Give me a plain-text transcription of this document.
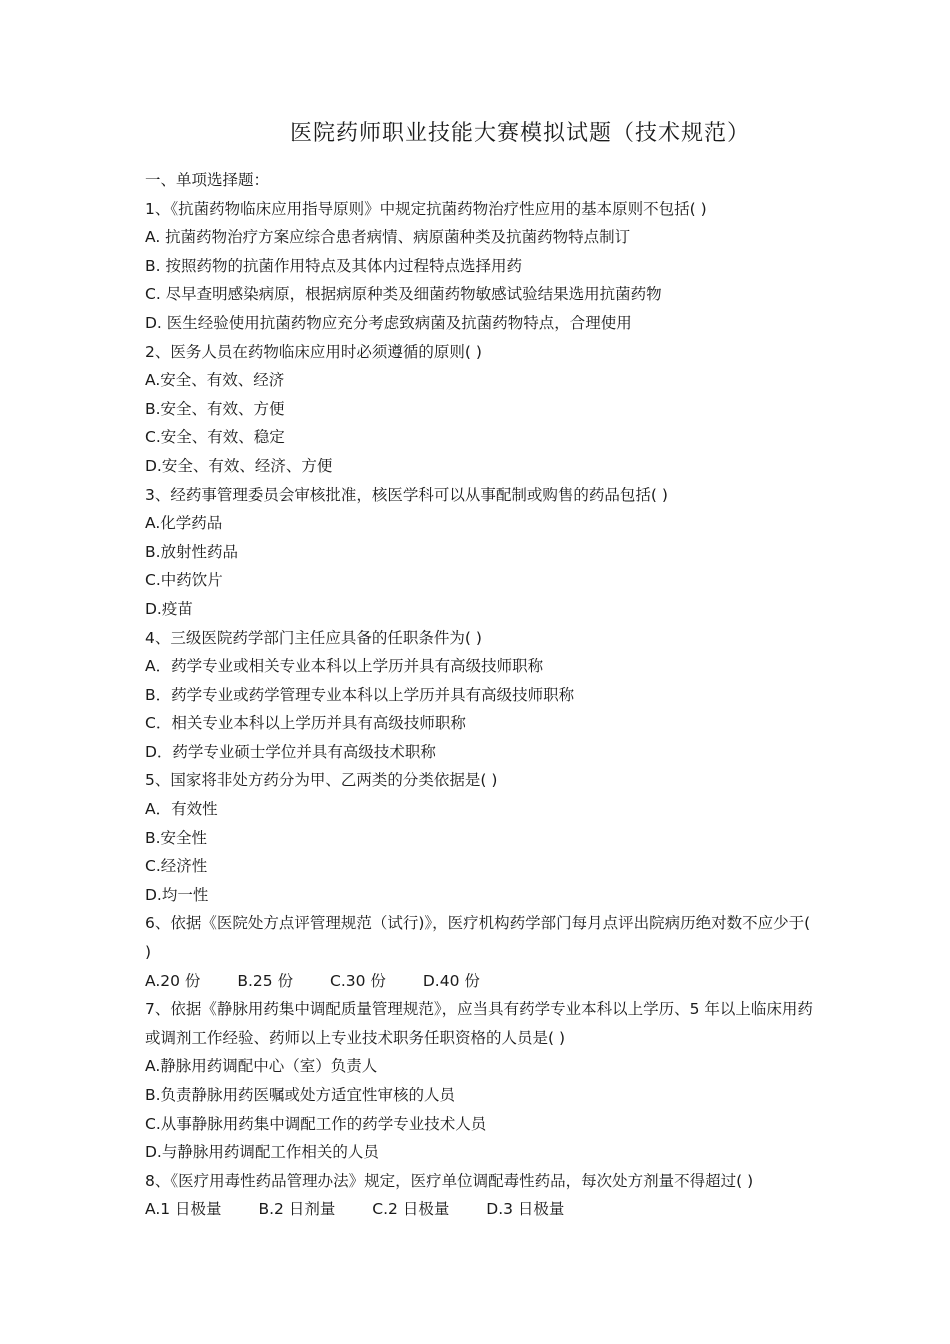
医院药师职业技能大赛模拟试题（技术规范）
一、单项选择题：
1、《抗菌药物临床应用指导原则》中规定抗菌药物治疗性应用的基本原则不包括( )
A. 抗菌药物治疗方案应综合患者病情、病原菌种类及抗菌药物特点制订
B. 按照药物的抗菌作用特点及其体内过程特点选择用药
C. 尽早查明感染病原，根据病原种类及细菌药物敏感试验结果选用抗菌药物
D. 医生经验使用抗菌药物应充分考虑致病菌及抗菌药物特点，合理使用
2、医务人员在药物临床应用时必须遵循的原则( )
A.安全、有效、经济
B.安全、有效、方便
C.安全、有效、稳定
D.安全、有效、经济、方便
3、经药事管理委员会审核批准，核医学科可以从事配制或购售的药品包括( )
A.化学药品
B.放射性药品
C.中药饮片
D.疫苗
4、三级医院药学部门主任应具备的任职条件为( )
A．药学专业或相关专业本科以上学历并具有高级技师职称
B．药学专业或药学管理专业本科以上学历并具有高级技师职称
C．相关专业本科以上学历并具有高级技师职称
D．药学专业硕士学位并具有高级技术职称
5、国家将非处方药分为甲、乙两类的分类依据是( )
A．有效性
B.安全性
C.经济性
D.均一性
6、依据《医院处方点评管理规范（试行)》，医疗机构药学部门每月点评出院病历绝对数不应少于( )
A.20 份 B.25 份 C.30 份 D.40 份
7、依据《静脉用药集中调配质量管理规范》，应当具有药学专业本科以上学历、5 年以上临床用药或调剂工作经验、药师以上专业技术职务任职资格的人员是( )
A.静脉用药调配中心（室）负责人
B.负责静脉用药医嘱或处方适宜性审核的人员
C.从事静脉用药集中调配工作的药学专业技术人员
D.与静脉用药调配工作相关的人员
8、《医疗用毒性药品管理办法》规定，医疗单位调配毒性药品，每次处方剂量不得超过( )
A.1 日极量 B.2 日剂量 C.2 日极量 D.3 日极量
